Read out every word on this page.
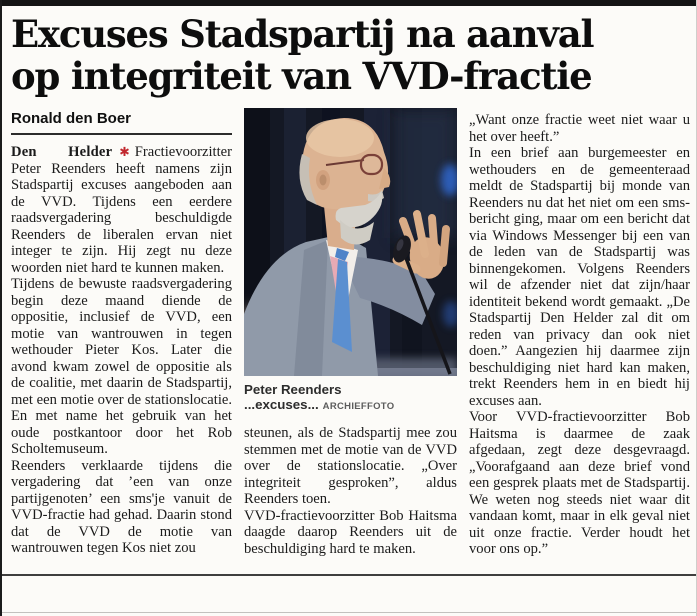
Excuses Stadspartij na aanval
op integriteit van VVD-fractie
Ronald den Boer

Den Helder ✱ Fractievoorzitter Peter Reenders heeft namens zijn Stadspartij excuses aangeboden aan de VVD. Tijdens een eerdere raadsvergadering beschuldigde Reenders de liberalen ervan niet integer te zijn. Hij zegt nu deze woorden niet hard te kunnen maken.

Tijdens de bewuste raadsvergadering begin deze maand diende de oppositie, inclusief de VVD, een motie van wantrouwen in tegen wethouder Pieter Kos. Later die avond kwam zowel de oppositie als de coalitie, met daarin de Stadspartij, met een motie over de stationslocatie. En met name het gebruik van het oude postkantoor door het Rob Scholtemuseum.

Reenders verklaarde tijdens die vergadering dat ’een van onze partijgenoten’ een sms'je vanuit de VVD-fractie had gehad. Daarin stond dat de VVD de motie van wantrouwen tegen Kos niet zou

Peter Reenders ...excuses... ARCHIEFFOTO

steunen, als de Stadspartij mee zou stemmen met de motie van de VVD over de stationslocatie. „Over integriteit gesproken”, aldus Reenders toen.

VVD-fractievoorzitter Bob Haitsma daagde daarop Reenders uit de beschuldiging hard te maken.

„Want onze fractie weet niet waar u het over heeft.”

In een brief aan burgemeester en wethouders en de gemeenteraad meldt de Stadspartij bij monde van Reenders nu dat het niet om een sms-bericht ging, maar om een bericht dat via Windows Messenger bij een van de leden van de Stadspartij was binnengekomen. Volgens Reenders wil de afzender niet dat zijn/haar identiteit bekend wordt gemaakt. „De Stadspartij Den Helder zal dit om reden van privacy dan ook niet doen.” Aangezien hij daarmee zijn beschuldiging niet hard kan maken, trekt Reenders hem in en biedt hij excuses aan.

Voor VVD-fractievoorzitter Bob Haitsma is daarmee de zaak afgedaan, zegt deze desgevraagd. „Voorafgaand aan deze brief vond een gesprek plaats met de Stadspartij. We weten nog steeds niet waar dit vandaan komt, maar in elk geval niet uit onze fractie. Verder houdt het voor ons op.”
